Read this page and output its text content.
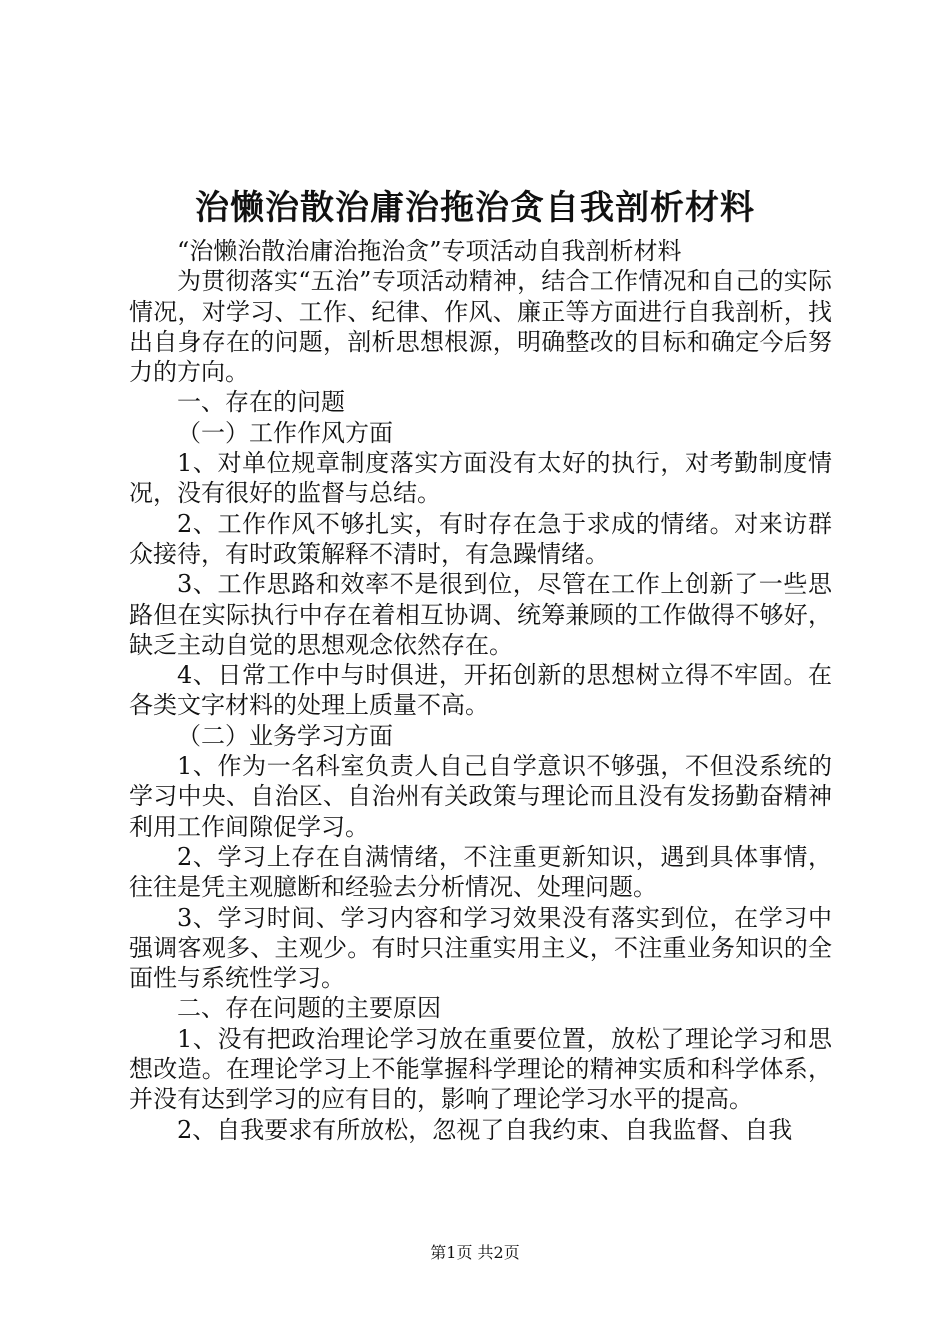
治懒治散治庸治拖治贪自我剖析材料

“治懒治散治庸治拖治贪”专项活动自我剖析材料

为贯彻落实“五治”专项活动精神，结合工作情况和自己的实际情况，对学习、工作、纪律、作风、廉正等方面进行自我剖析，找出自身存在的问题，剖析思想根源，明确整改的目标和确定今后努力的方向。

一、存在的问题

（一）工作作风方面

1、对单位规章制度落实方面没有太好的执行，对考勤制度情况，没有很好的监督与总结。

2、工作作风不够扎实，有时存在急于求成的情绪。对来访群众接待，有时政策解释不清时，有急躁情绪。

3、工作思路和效率不是很到位，尽管在工作上创新了一些思路但在实际执行中存在着相互协调、统筹兼顾的工作做得不够好，缺乏主动自觉的思想观念依然存在。

4、日常工作中与时俱进，开拓创新的思想树立得不牢固。在各类文字材料的处理上质量不高。

（二）业务学习方面

1、作为一名科室负责人自己自学意识不够强，不但没系统的学习中央、自治区、自治州有关政策与理论而且没有发扬勤奋精神利用工作间隙促学习。

2、学习上存在自满情绪，不注重更新知识，遇到具体事情，往往是凭主观臆断和经验去分析情况、处理问题。

3、学习时间、学习内容和学习效果没有落实到位，在学习中强调客观多、主观少。有时只注重实用主义，不注重业务知识的全面性与系统性学习。

二、存在问题的主要原因

1、没有把政治理论学习放在重要位置，放松了理论学习和思想改造。在理论学习上不能掌握科学理论的精神实质和科学体系，并没有达到学习的应有目的，影响了理论学习水平的提高。

2、自我要求有所放松，忽视了自我约束、自我监督、自我

第1页 共2页
